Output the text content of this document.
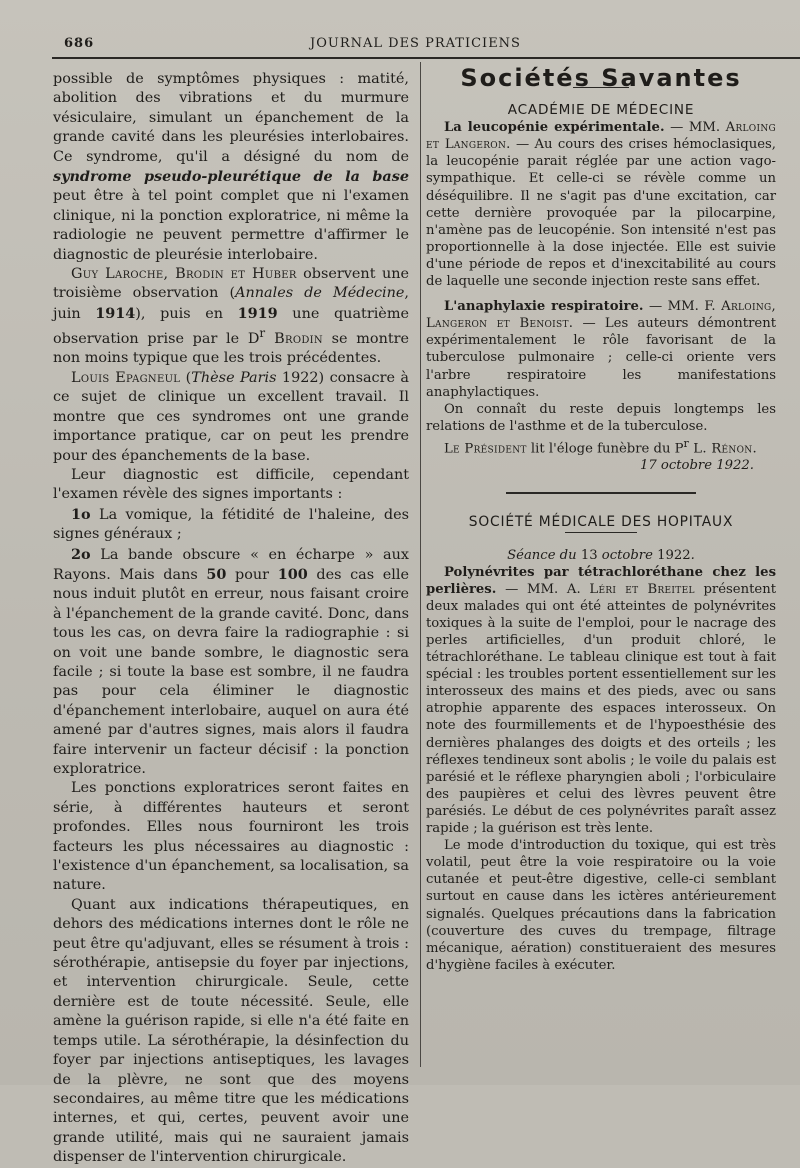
686	JOURNAL DES PRATICIENS

possible de symptômes physiques : matité, abolition des vibrations et du murmure vésiculaire, simulant un épanchement de la grande cavité dans les pleurésies interlobaires. Ce syndrome, qu'il a désigné du nom de syndrome pseudo-pleurétique de la base peut être à tel point complet que ni l'examen clinique, ni la ponction exploratrice, ni même la radiologie ne peuvent permettre d'affirmer le diagnostic de pleurésie interlobaire.

Guy Laroche, Brodin et Huber observent une troisième observation (Annales de Médecine, juin 1914), puis en 1919 une quatrième observation prise par le $D^r$ Brodin se montre non moins typique que les trois précédentes.

Louis Epagneul (Thèse Paris 1922) consacre à ce sujet de clinique un excellent travail. Il montre que ces syndromes ont une grande importance pratique, car on peut les prendre pour des épanchements de la base.

Leur diagnostic est difficile, cependant l'examen révèle des signes importants :

1o La vomique, la fétidité de l'haleine, des signes généraux ;

2o La bande obscure « en écharpe » aux Rayons. Mais dans 50 pour 100 des cas elle nous induit plutôt en erreur, nous faisant croire à l'épanchement de la grande cavité. Donc, dans tous les cas, on devra faire la radiographie : si on voit une bande sombre, le diagnostic sera facile ; si toute la base est sombre, il ne faudra pas pour cela éliminer le diagnostic d'épanchement interlobaire, auquel on aura été amené par d'autres signes, mais alors il faudra faire intervenir un facteur décisif : la ponction exploratrice.

Les ponctions exploratrices seront faites en série, à différentes hauteurs et seront profondes. Elles nous fourniront les trois facteurs les plus nécessaires au diagnostic : l'existence d'un épanchement, sa localisation, sa nature.

Quant aux indications thérapeutiques, en dehors des médications internes dont le rôle ne peut être qu'adjuvant, elles se résument à trois : sérothérapie, antisepsie du foyer par injections, et intervention chirurgicale. Seule, cette dernière est de toute nécessité. Seule, elle amène la guérison rapide, si elle n'a été faite en temps utile. La sérothérapie, la désinfection du foyer par injections antiseptiques, les lavages de la plèvre, ne sont que des moyens secondaires, au même titre que les médications internes, et qui, certes, peuvent avoir une grande utilité, mais qui ne sauraient jamais dispenser de l'intervention chirurgicale.

Sociétés Savantes

ACADÉMIE DE MÉDECINE

La leucopénie expérimentale. — MM. Arloing et Langeron. — Au cours des crises hémoclasiques, la leucopénie parait réglée par une action vago-sympathique. Et celle-ci se révèle comme un déséquilibre. Il ne s'agit pas d'une excitation, car cette dernière provoquée par la pilocarpine, n'amène pas de leucopénie. Son intensité n'est pas proportionnelle à la dose injectée. Elle est suivie d'une période de repos et d'inexcitabilité au cours de laquelle une seconde injection reste sans effet.

L'anaphylaxie respiratoire. — MM. F. Arloing, Langeron et Benoist. — Les auteurs démontrent expérimentalement le rôle favorisant de la tuberculose pulmonaire ; celle-ci oriente vers l'arbre respiratoire les manifestations anaphylactiques.

On connaît du reste depuis longtemps les relations de l'asthme et de la tuberculose.

Le Président lit l'éloge funèbre du $P^r$ L. Rénon.

17 octobre 1922.

SOCIÉTÉ MÉDICALE DES HOPITAUX

Séance du 13 octobre 1922.

Polynévrites par tétrachloréthane chez les perlières. — MM. A. Léri et Breitel présentent deux malades qui ont été atteintes de polynévrites toxiques à la suite de l'emploi, pour le nacrage des perles artificielles, d'un produit chloré, le tétrachloréthane. Le tableau clinique est tout à fait spécial : les troubles portent essentiellement sur les interosseux des mains et des pieds, avec ou sans atrophie apparente des espaces interosseux. On note des fourmillements et de l'hypoesthésie des dernières phalanges des doigts et des orteils ; les réflexes tendineux sont abolis ; le voile du palais est parésié et le réflexe pharyngien aboli ; l'orbiculaire des paupières et celui des lèvres peuvent être parésiés. Le début de ces polynévrites paraît assez rapide ; la guérison est très lente.

Le mode d'introduction du toxique, qui est très volatil, peut être la voie respiratoire ou la voie cutanée et peut-être digestive, celle-ci semblant surtout en cause dans les ictères antérieurement signalés. Quelques précautions dans la fabrication (couverture des cuves du trempage, filtrage mécanique, aération) constitueraient des mesures d'hygiène faciles à exécuter.
